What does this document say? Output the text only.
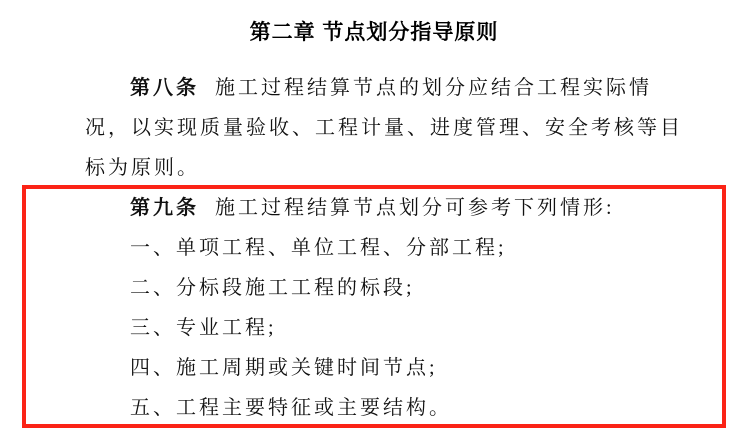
第二章 节点划分指导原则
第八条 施工过程结算节点的划分应结合工程实际情
况，以实现质量验收、工程计量、进度管理、安全考核等目
标为原则。
第九条 施工过程结算节点划分可参考下列情形:
一、单项工程、单位工程、分部工程;
二、分标段施工工程的标段;
三、专业工程;
四、施工周期或关键时间节点;
五、工程主要特征或主要结构。
